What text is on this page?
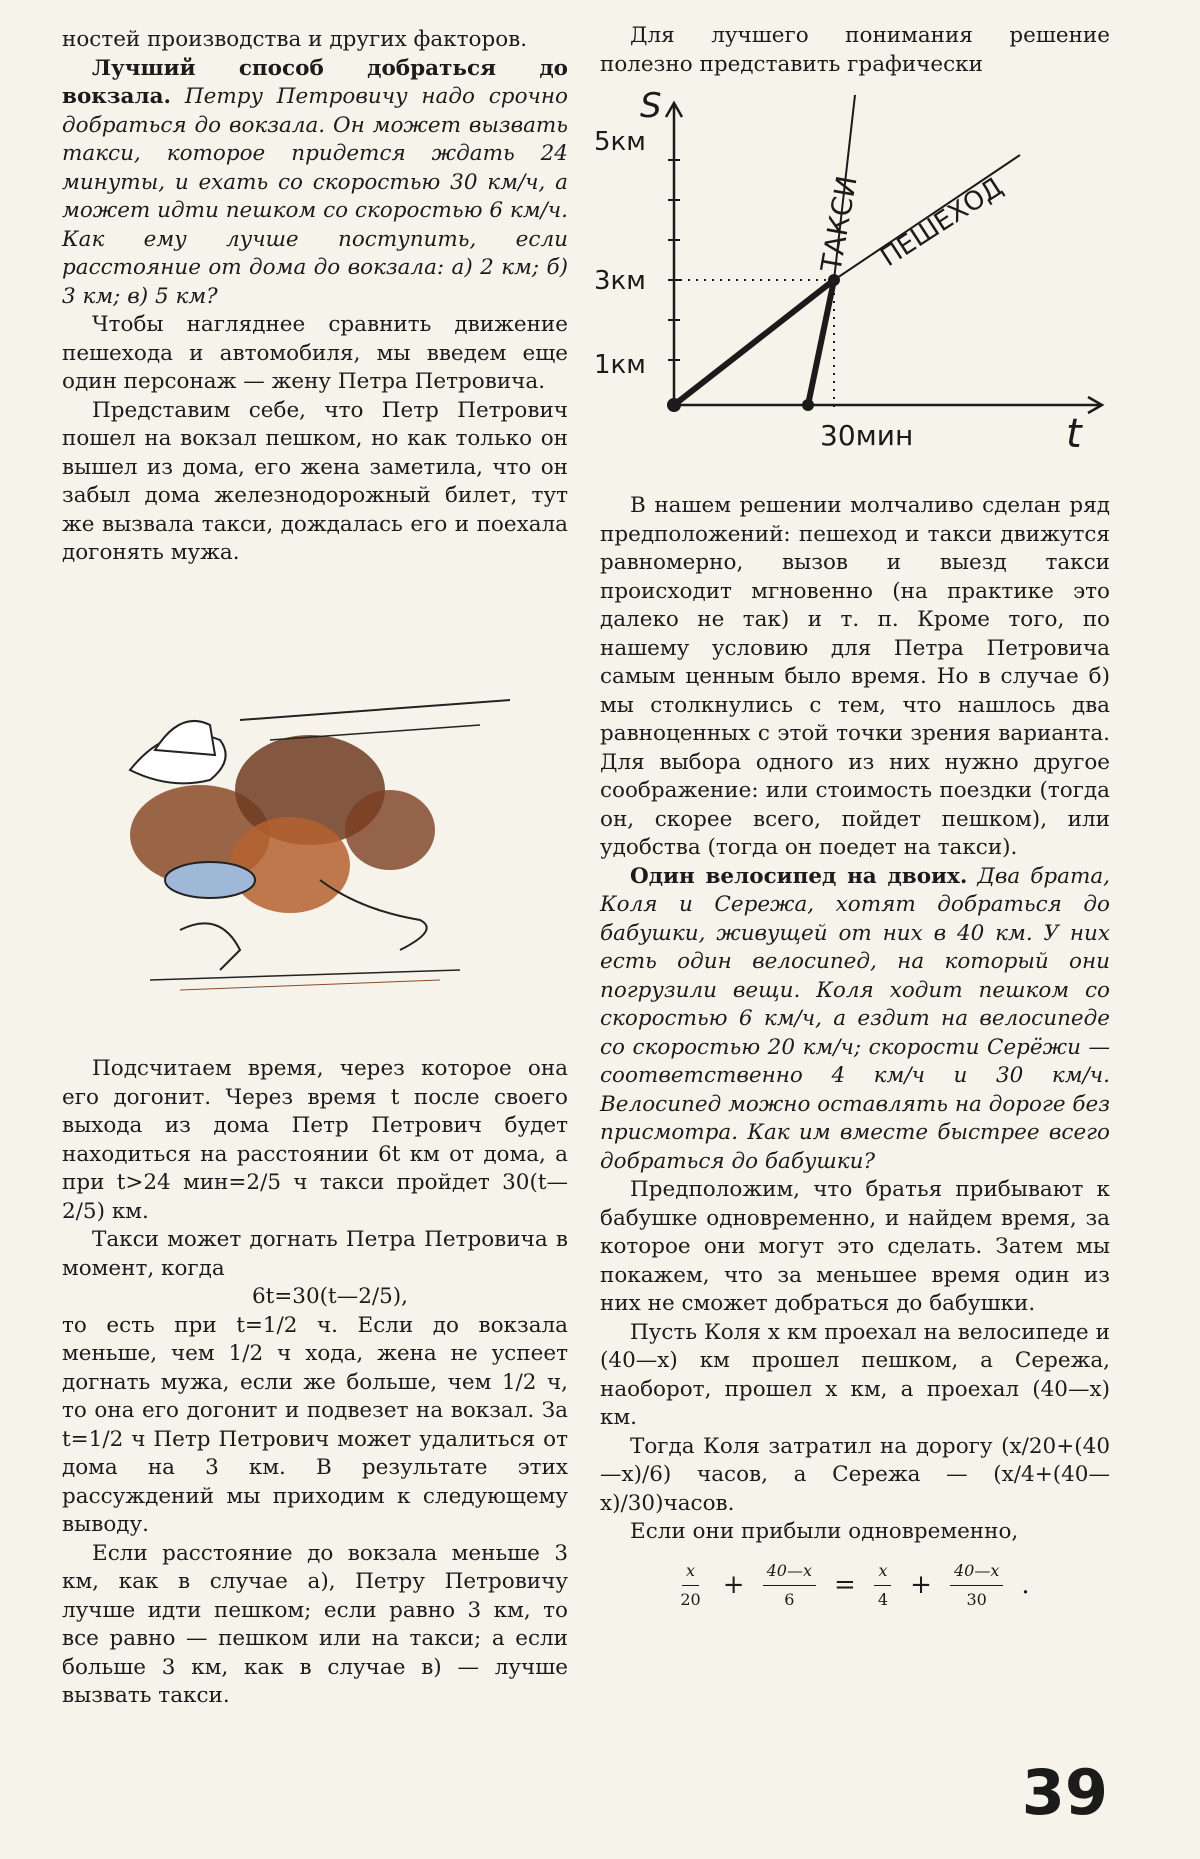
ностей производства и других факторов.

Лучший способ добраться до вокзала. Петру Петровичу надо срочно добраться до вокзала. Он может вызвать такси, которое придется ждать 24 минуты, и ехать со скоростью 30 км/ч, а может идти пешком со скоростью 6 км/ч. Как ему лучше поступить, если расстояние от дома до вокзала: а) 2 км; б) 3 км; в) 5 км?

Чтобы нагляднее сравнить движение пешехода и автомобиля, мы введем еще один персонаж — жену Петра Петровича.

Представим себе, что Петр Петрович пошел на вокзал пешком, но как только он вышел из дома, его жена заметила, что он забыл дома железнодорожный билет, тут же вызвала такси, дождалась его и поехала догонять мужа.

Подсчитаем время, через которое она его догонит. Через время t после своего выхода из дома Петр Петрович будет находиться на расстоянии 6t км от дома, а при t>24 мин=2/5 ч такси пройдет 30(t— 2/5) км.

Такси может догнать Петра Петровича в момент, когда

6t=30(t—2/5),

то есть при t=1/2 ч. Если до вокзала меньше, чем 1/2 ч хода, жена не успеет догнать мужа, если же больше, чем 1/2 ч, то она его догонит и подвезет на вокзал. За t=1/2 ч Петр Петрович может удалиться от дома на 3 км. В результате этих рассуждений мы приходим к следующему выводу.

Если расстояние до вокзала меньше 3 км, как в случае а), Петру Петровичу лучше идти пешком; если равно 3 км, то все равно — пешком или на такси; а если больше 3 км, как в случае в) — лучше вызвать такси.

Для лучшего понимания решение полезно представить графически

S
5км
3км
1км
30мин	t
ТАКСИ ПЕШЕХОД

В нашем решении молчаливо сделан ряд предположений: пешеход и такси движутся равномерно, вызов и выезд такси происходит мгновенно (на практике это далеко не так) и т. п. Кроме того, по нашему условию для Петра Петровича самым ценным было время. Но в случае б) мы столкнулись с тем, что нашлось два равноценных с этой точки зрения варианта. Для выбора одного из них нужно другое соображение: или стоимость поездки (тогда он, скорее всего, пойдет пешком), или удобства (тогда он поедет на такси).

Один велосипед на двоих. Два брата, Коля и Сережа, хотят добраться до бабушки, живущей от них в 40 км. У них есть один велосипед, на который они погрузили вещи. Коля ходит пешком со скоростью 6 км/ч, а ездит на велосипеде со скоростью 20 км/ч; скорости Серёжи — соответственно 4 км/ч и 30 км/ч. Велосипед можно оставлять на дороге без присмотра. Как им вместе быстрее всего добраться до бабушки?

Предположим, что братья прибывают к бабушке одновременно, и найдем время, за которое они могут это сделать. Затем мы покажем, что за меньшее время один из них не сможет добраться до бабушки.

Пусть Коля x км проехал на велосипеде и (40—x) км прошел пешком, а Сережа, наоборот, прошел x км, а проехал (40—x) км.

Тогда Коля затратил на дорогу (x/20+(40—x)/6) часов, а Сережа — (x/4+(40—x)/30)часов.

Если они прибыли одновременно,

$\frac{x}{20} + \frac{40—x}{6} = \frac{x}{4} + \frac{40—x}{30}$ .
39
